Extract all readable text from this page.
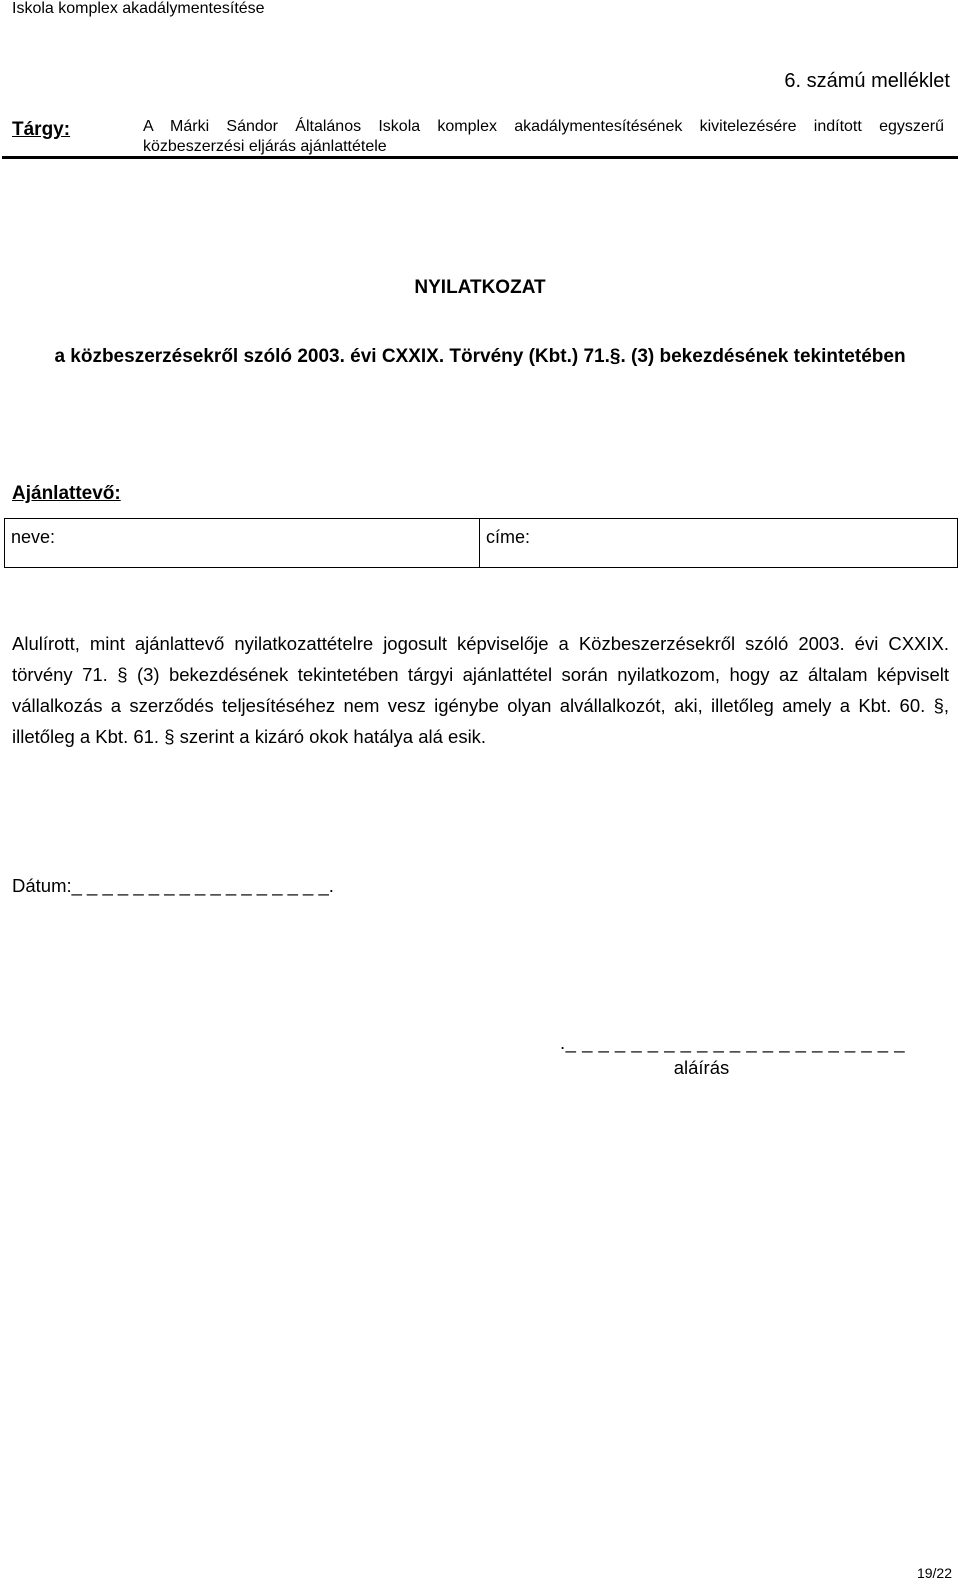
Iskola komplex akadálymentesítése
6. számú melléklet
Tárgy:	A Márki Sándor Általános Iskola komplex akadálymentesítésének kivitelezésére indított egyszerű
közbeszerzési eljárás ajánlattétele
NYILATKOZAT
a közbeszerzésekről szóló 2003. évi CXXIX. Törvény (Kbt.) 71.§. (3) bekezdésének tekintetében
Ajánlattevő:
neve:	címe:
Alulírott, mint ajánlattevő nyilatkozattételre jogosult képviselője a Közbeszerzésekről szóló 2003. évi CXXIX. törvény 71. § (3) bekezdésének tekintetében tárgyi ajánlattétel során nyilatkozom, hogy az általam képviselt vállalkozás a szerződés teljesítéséhez nem vesz igénybe olyan alvállalkozót, aki, illetőleg amely a Kbt. 60. §, illetőleg a Kbt. 61. § szerint a kizáró okok hatálya alá esik.
Dátum:_ _ _ _ _ _ _ _ _ _ _ _ _ _ _ _ _.
._ _ _ _ _ _ _ _ _ _ _ _ _ _ _ _ _ _ _ _ _
aláírás
19/22
